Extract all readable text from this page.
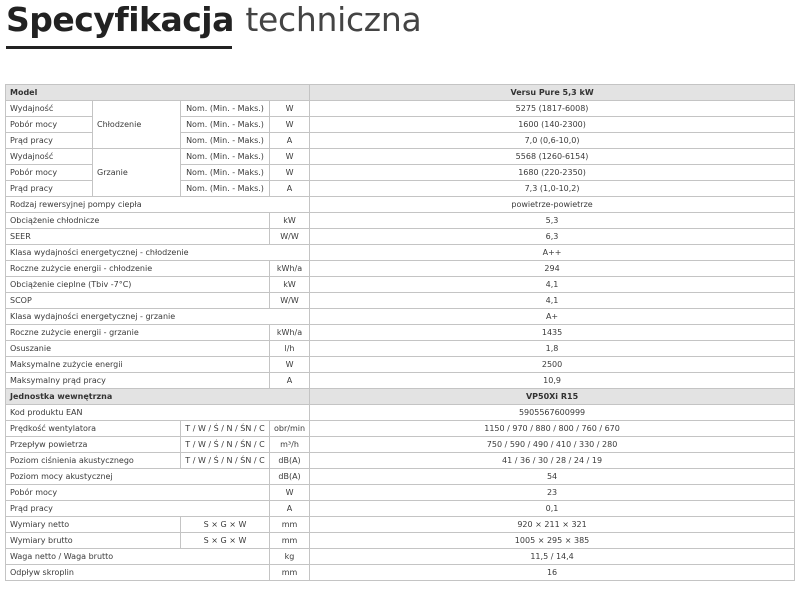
Specyfikacja techniczna
Model				Versu Pure 5,3 kW
Wydajność	Chłodzenie	Nom. (Min. - Maks.)	W	5275 (1817-6008)
Pobór mocy		Nom. (Min. - Maks.)	W	1600 (140-2300)
Prąd pracy		Nom. (Min. - Maks.)	A	7,0 (0,6-10,0)
Wydajność	Grzanie	Nom. (Min. - Maks.)	W	5568 (1260-6154)
Pobór mocy		Nom. (Min. - Maks.)	W	1680 (220-2350)
Prąd pracy		Nom. (Min. - Maks.)	A	7,3 (1,0-10,2)
Rodzaj rewersyjnej pompy ciepła				powietrze-powietrze
Obciążenie chłodnicze			kW	5,3
SEER			W/W	6,3
Klasa wydajności energetycznej - chłodzenie				A++
Roczne zużycie energii - chłodzenie			kWh/a	294
Obciążenie cieplne (Tbiv -7°C)			kW	4,1
SCOP			W/W	4,1
Klasa wydajności energetycznej - grzanie				A+
Roczne zużycie energii - grzanie			kWh/a	1435
Osuszanie			l/h	1,8
Maksymalne zużycie energii			W	2500
Maksymalny prąd pracy			A	10,9
Jednostka wewnętrzna				VP50Xi R15
Kod produktu EAN				5905567600999
Prędkość wentylatora		T / W / Ś / N / ŚN / C	obr/min	1150 / 970 / 880 / 800 / 760 / 670
Przepływ powietrza		T / W / Ś / N / ŚN / C	m³/h	750 / 590 / 490 / 410 / 330 / 280
Poziom ciśnienia akustycznego		T / W / Ś / N / ŚN / C	dB(A)	41 / 36 / 30 / 28 / 24 / 19
Poziom mocy akustycznej			dB(A)	54
Pobór mocy			W	23
Prąd pracy			A	0,1
Wymiary netto		S × G × W	mm	920 × 211 × 321
Wymiary brutto		S × G × W	mm	1005 × 295 × 385
Waga netto / Waga brutto			kg	11,5 / 14,4
Odpływ skroplin			mm	16
